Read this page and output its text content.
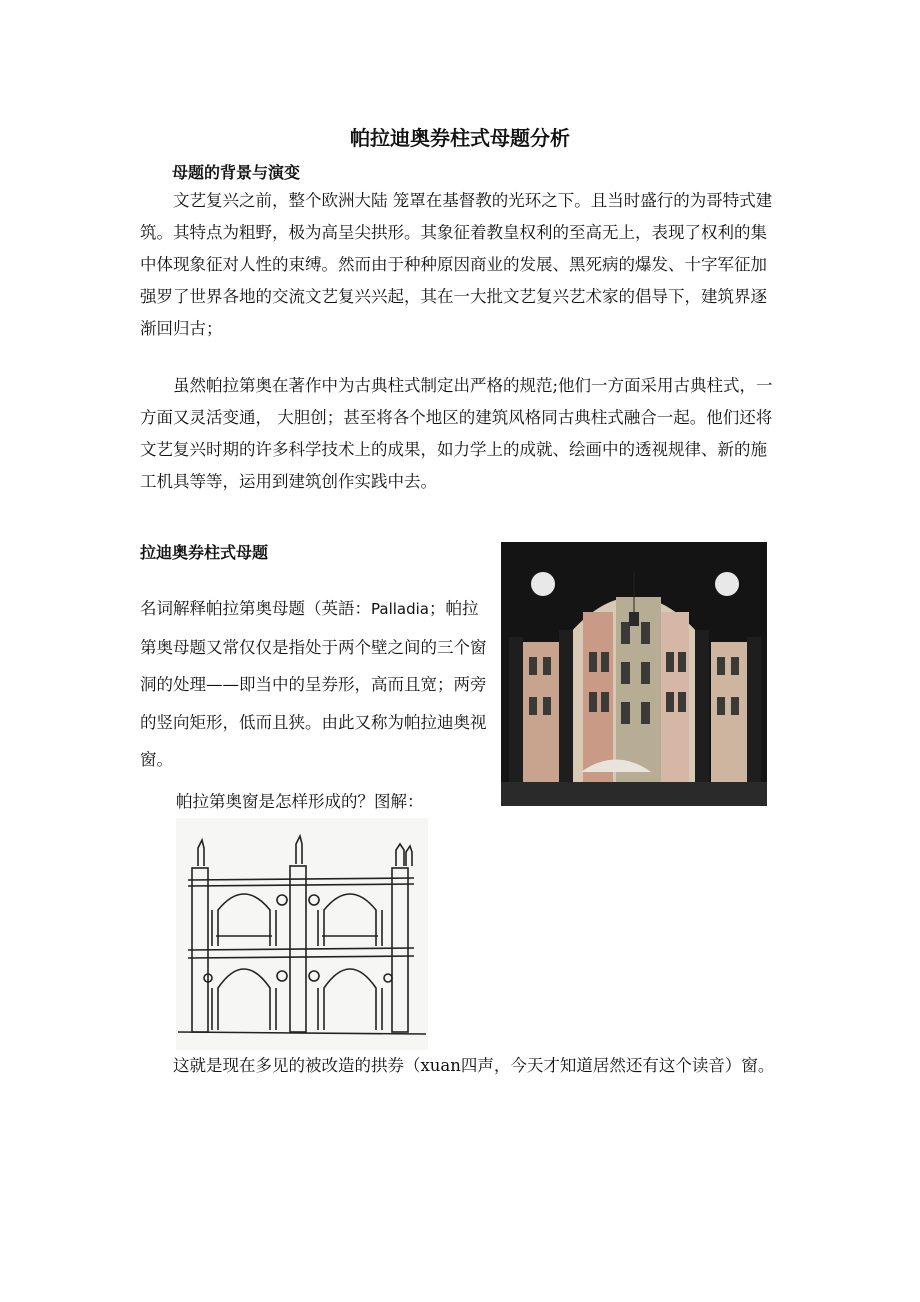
帕拉迪奥券柱式母题分析
母题的背景与演变

文艺复兴之前，整个欧洲大陆 笼罩在基督教的光环之下。且当时盛行的为哥特式建筑。其特点为粗野，极为高呈尖拱形。其象征着教皇权利的至高无上，表现了权利的集中体现象征对人性的束缚。然而由于种种原因商业的发展、黑死病的爆发、十字军征加强罗了世界各地的交流文艺复兴兴起，其在一大批文艺复兴艺术家的倡导下，建筑界逐渐回归古；

虽然帕拉第奥在著作中为古典柱式制定出严格的规范;他们一方面采用古典柱式，一方面又灵活变通， 大胆创；甚至将各个地区的建筑风格同古典柱式融合一起。他们还将文艺复兴时期的许多科学技术上的成果，如力学上的成就、绘画中的透视规律、新的施工机具等等，运用到建筑创作实践中去。

拉迪奥券柱式母题

名词解释帕拉第奥母题（英語：Palladia；帕拉第奥母题又常仅仅是指处于两个壁之间的三个窗洞的处理——即当中的呈券形，高而且宽；两旁的竖向矩形，低而且狭。由此又称为帕拉迪奥视窗。

帕拉第奥窗是怎样形成的？图解：

这就是现在多见的被改造的拱券（xuan四声，今天才知道居然还有这个读音）窗。
